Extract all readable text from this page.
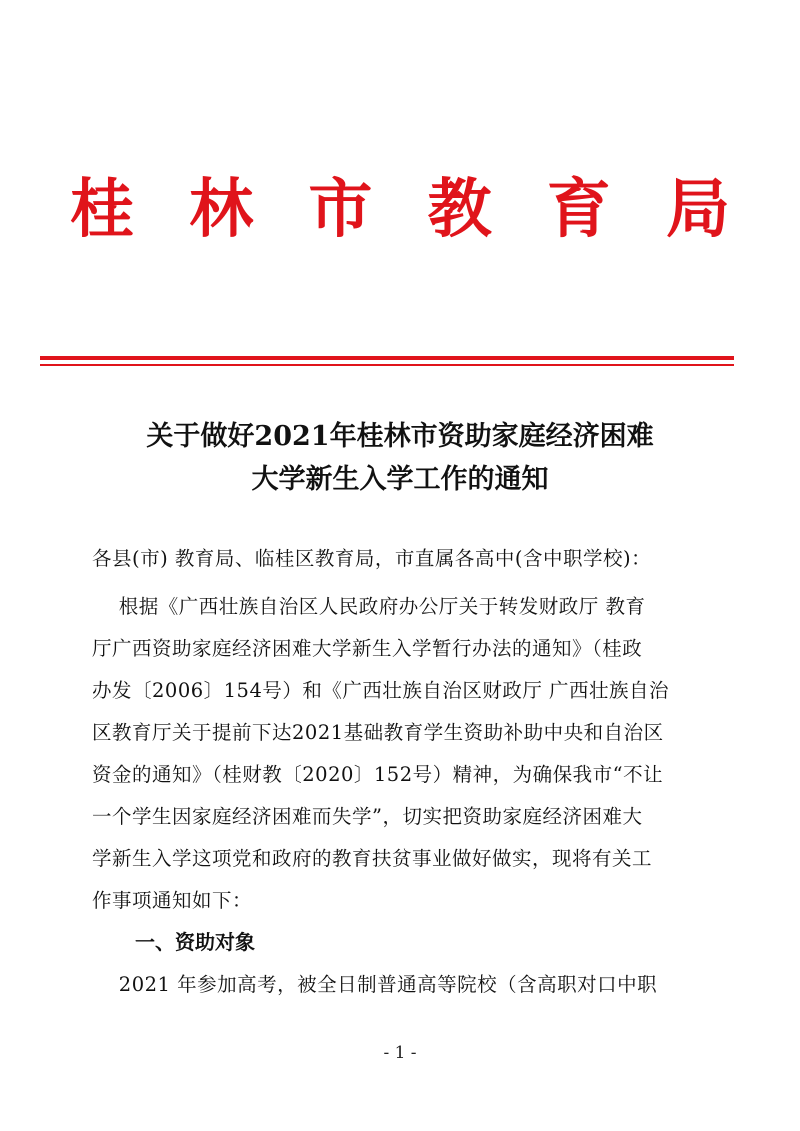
桂 林 市 教 育 局
关于做好2021年桂林市资助家庭经济困难
大学新生入学工作的通知
各县(市) 教育局、临桂区教育局，市直属各高中(含中职学校)：
根据《广西壮族自治区人民政府办公厅关于转发财政厅 教育
厅广西资助家庭经济困难大学新生入学暂行办法的通知》（桂政
办发〔2006〕154号）和《广西壮族自治区财政厅 广西壮族自治
区教育厅关于提前下达2021基础教育学生资助补助中央和自治区
资金的通知》（桂财教〔2020〕152号）精神，为确保我市“不让
一个学生因家庭经济困难而失学”，切实把资助家庭经济困难大
学新生入学这项党和政府的教育扶贫事业做好做实，现将有关工
作事项通知如下：
一、资助对象
2021 年参加高考，被全日制普通高等院校（含高职对口中职
- 1 -
